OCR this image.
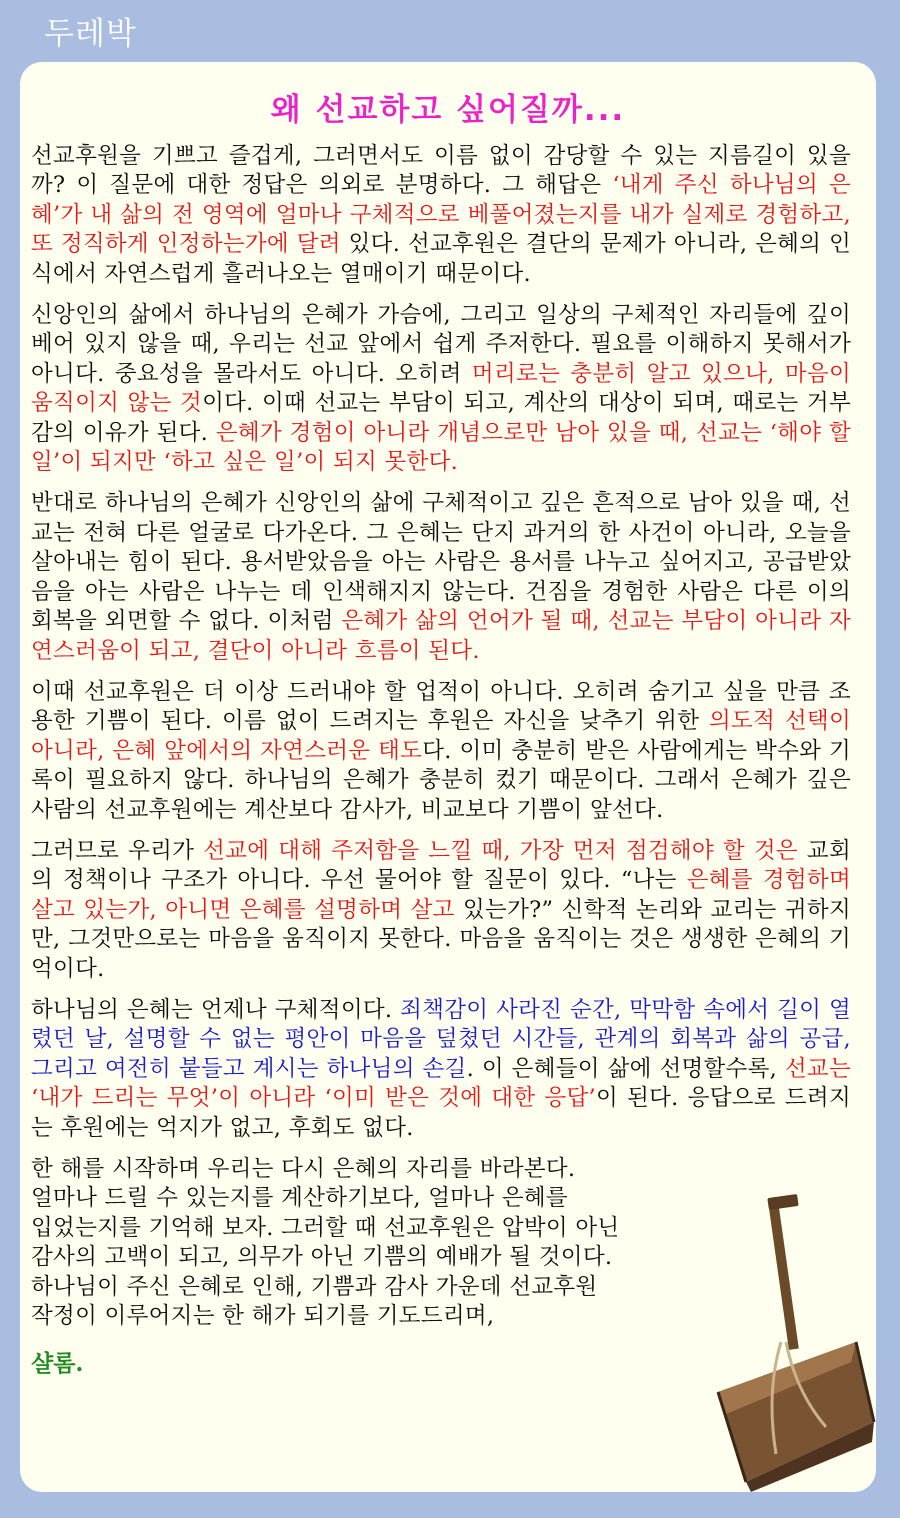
두레박
왜 선교하고 싶어질까...

선교후원을 기쁘고 즐겁게, 그러면서도 이름 없이 감당할 수 있는 지름길이 있을까? 이 질문에 대한 정답은 의외로 분명하다. 그 해답은 ‘내게 주신 하나님의 은혜’가 내 삶의 전 영역에 얼마나 구체적으로 베풀어졌는지를 내가 실제로 경험하고, 또 정직하게 인정하는가에 달려 있다. 선교후원은 결단의 문제가 아니라, 은혜의 인식에서 자연스럽게 흘러나오는 열매이기 때문이다.

신앙인의 삶에서 하나님의 은혜가 가슴에, 그리고 일상의 구체적인 자리들에 깊이 베어 있지 않을 때, 우리는 선교 앞에서 쉽게 주저한다. 필요를 이해하지 못해서가 아니다. 중요성을 몰라서도 아니다. 오히려 머리로는 충분히 알고 있으나, 마음이 움직이지 않는 것이다. 이때 선교는 부담이 되고, 계산의 대상이 되며, 때로는 거부감의 이유가 된다. 은혜가 경험이 아니라 개념으로만 남아 있을 때, 선교는 ‘해야 할 일’이 되지만 ‘하고 싶은 일’이 되지 못한다.

반대로 하나님의 은혜가 신앙인의 삶에 구체적이고 깊은 흔적으로 남아 있을 때, 선교는 전혀 다른 얼굴로 다가온다. 그 은혜는 단지 과거의 한 사건이 아니라, 오늘을 살아내는 힘이 된다. 용서받았음을 아는 사람은 용서를 나누고 싶어지고, 공급받았음을 아는 사람은 나누는 데 인색해지지 않는다. 건짐을 경험한 사람은 다른 이의 회복을 외면할 수 없다. 이처럼 은혜가 삶의 언어가 될 때, 선교는 부담이 아니라 자연스러움이 되고, 결단이 아니라 흐름이 된다.

이때 선교후원은 더 이상 드러내야 할 업적이 아니다. 오히려 숨기고 싶을 만큼 조용한 기쁨이 된다. 이름 없이 드려지는 후원은 자신을 낮추기 위한 의도적 선택이 아니라, 은혜 앞에서의 자연스러운 태도다. 이미 충분히 받은 사람에게는 박수와 기록이 필요하지 않다. 하나님의 은혜가 충분히 컸기 때문이다. 그래서 은혜가 깊은 사람의 선교후원에는 계산보다 감사가, 비교보다 기쁨이 앞선다.

그러므로 우리가 선교에 대해 주저함을 느낄 때, 가장 먼저 점검해야 할 것은 교회의 정책이나 구조가 아니다. 우선 물어야 할 질문이 있다. “나는 은혜를 경험하며 살고 있는가, 아니면 은혜를 설명하며 살고 있는가?” 신학적 논리와 교리는 귀하지만, 그것만으로는 마음을 움직이지 못한다. 마음을 움직이는 것은 생생한 은혜의 기억이다.

하나님의 은혜는 언제나 구체적이다. 죄책감이 사라진 순간, 막막함 속에서 길이 열렸던 날, 설명할 수 없는 평안이 마음을 덮쳤던 시간들, 관계의 회복과 삶의 공급, 그리고 여전히 붙들고 계시는 하나님의 손길. 이 은혜들이 삶에 선명할수록, 선교는 ‘내가 드리는 무엇’이 아니라 ‘이미 받은 것에 대한 응답’이 된다. 응답으로 드려지는 후원에는 억지가 없고, 후회도 없다.

한 해를 시작하며 우리는 다시 은혜의 자리를 바라본다.
얼마나 드릴 수 있는지를 계산하기보다, 얼마나 은혜를
입었는지를 기억해 보자. 그러할 때 선교후원은 압박이 아닌
감사의 고백이 되고, 의무가 아닌 기쁨의 예배가 될 것이다.
하나님이 주신 은혜로 인해, 기쁨과 감사 가운데 선교후원
작정이 이루어지는 한 해가 되기를 기도드리며,

샬롬.
